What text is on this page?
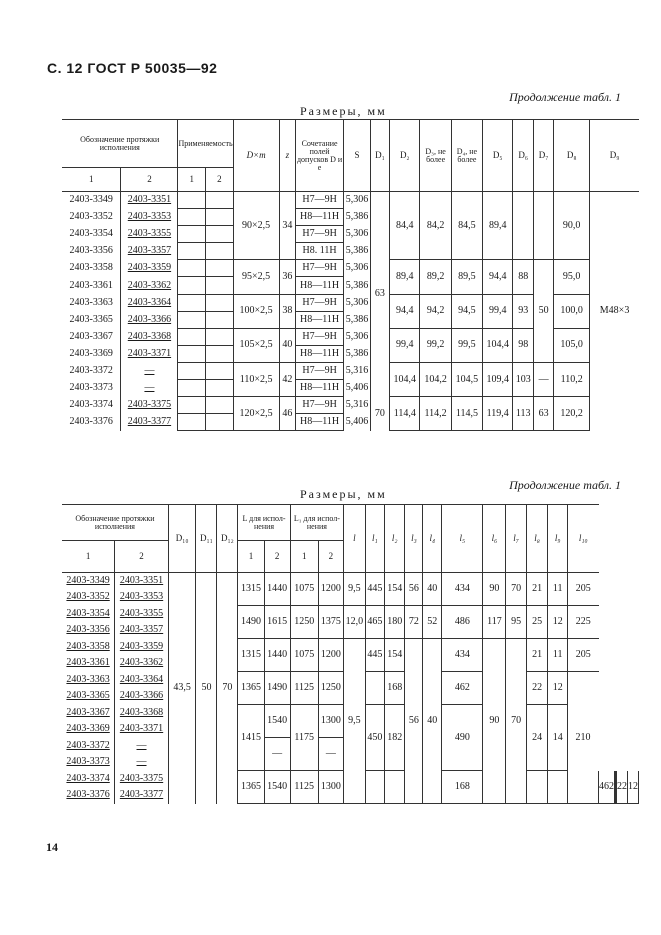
С. 12 ГОСТ Р 50035—92
Продолжение табл. 1
Размеры, мм
Обозначение протяжки исполнения		Применяемость		D×m	z	Сочетание полей допусков D и e	S	D₁	D₂	D₃, не более	D₄, не более	D₅	D₆	D₇	D₈	D₉
1	2	1	2													
2403-3349	2403-3351			90×2,5	34	H7—9H	5,306	63	84,4	84,2	84,5	89,4			90,0	M48×3
2403-3352	2403-3353					H8—11H	5,386									
2403-3354	2403-3355					H7—9H	5,306									
2403-3356	2403-3357					H8. 11H	5,386									
2403-3358	2403-3359			95×2,5	36	H7—9H	5,306		89,4	89,2	89,5	94,4	88	50	95,0	
2403-3361	2403-3362					H8—11H	5,386									
2403-3363	2403-3364			100×2,5	38	H7—9H	5,306		94,4	94,2	94,5	99,4	93		100,0	
2403-3365	2403-3366					H8—11H	5,386									
2403-3367	2403-3368			105×2,5	40	H7—9H	5,306		99,4	99,2	99,5	104,4	98		105,0	
2403-3369	2403-3371					H8—11H	5,386									
2403-3372	—			110×2,5	42	H7—9H	5,316		104,4	104,2	104,5	109,4	103	—	110,2	
2403-3373	—					H8—11H	5,406									
2403-3374	2403-3375			120×2,5	46	H7—9H	5,316	70	114,4	114,2	114,5	119,4	113	63	120,2	
2403-3376	2403-3377					H8—11H	5,406									
Продолжение табл. 1
Размеры, мм
Обозначение протяжки исполнения		D₁₀	D₁₁	D₁₂	L для испол-нения		L₁ для испол-нения		l	l₁	l₂	l₃	l₄	l₅	l₆	l₇	l₈	l₉	l₁₀					
1	2				1	2	1	2																
2403-3349	2403-3351	43,5	50	70	1315	1440	1075	1200	9,5	445	154	56	40	434	90	70	21	11	205					
2403-3352	2403-3353																							
2403-3354	2403-3355				1490	1615	1250	1375	12,0	465	180	72	52	486	117	95	25	12	225					
2403-3356	2403-3357																							
2403-3358	2403-3359				1315	1440	1075	1200	9,5	445	154	56	40	434	90	70	21	11	205					
2403-3361	2403-3362																							
2403-3363	2403-3364				1365	1490	1125	1250			168			462			22	12	210					
2403-3365	2403-3366																							
2403-3367	2403-3368				1415	1540	1175	1300		450	182			490			24	14						
2403-3369	2403-3371																							
2403-3372	—					—		—																
2403-3373	—																							
2403-3374	2403-3375				1365	1540	1125	1300						168						462			22	12	
2403-3376	2403-3377																							
14
